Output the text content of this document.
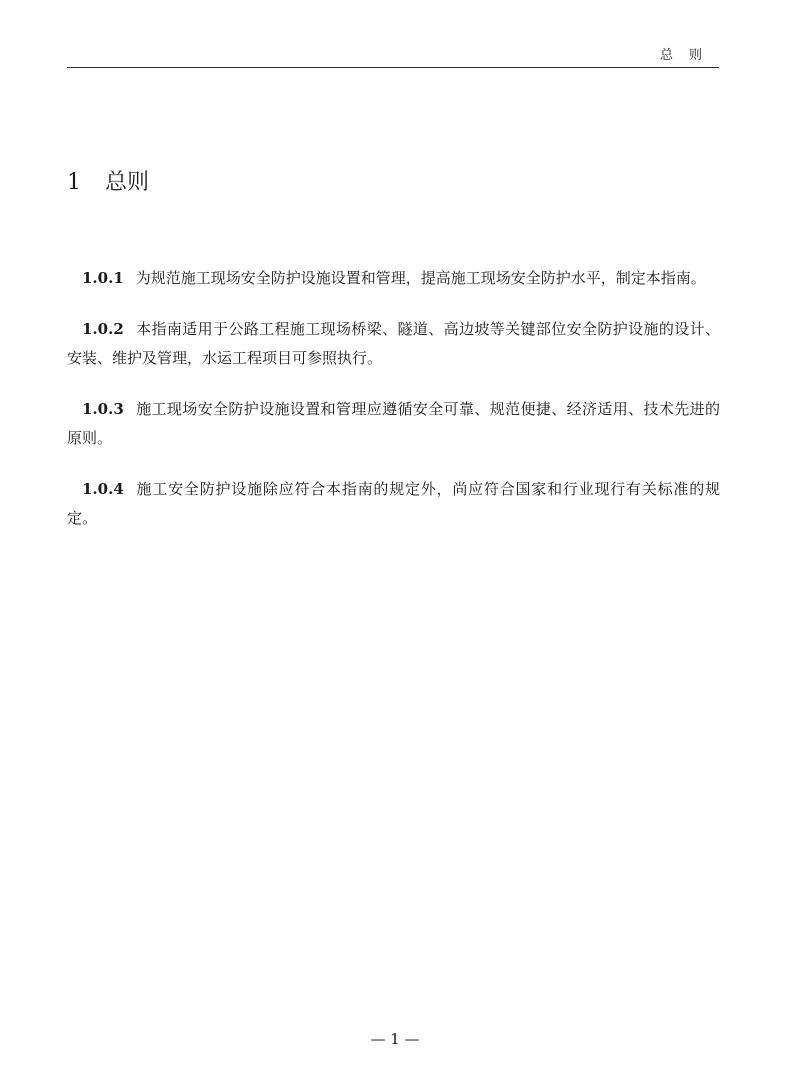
总则
1 总则

1.0.1 为规范施工现场安全防护设施设置和管理，提高施工现场安全防护水平，制定本指南。

1.0.2 本指南适用于公路工程施工现场桥梁、隧道、高边坡等关键部位安全防护设施的设计、安装、维护及管理，水运工程项目可参照执行。

1.0.3 施工现场安全防护设施设置和管理应遵循安全可靠、规范便捷、经济适用、技术先进的原则。

1.0.4 施工安全防护设施除应符合本指南的规定外，尚应符合国家和行业现行有关标准的规定。

— 1 —
